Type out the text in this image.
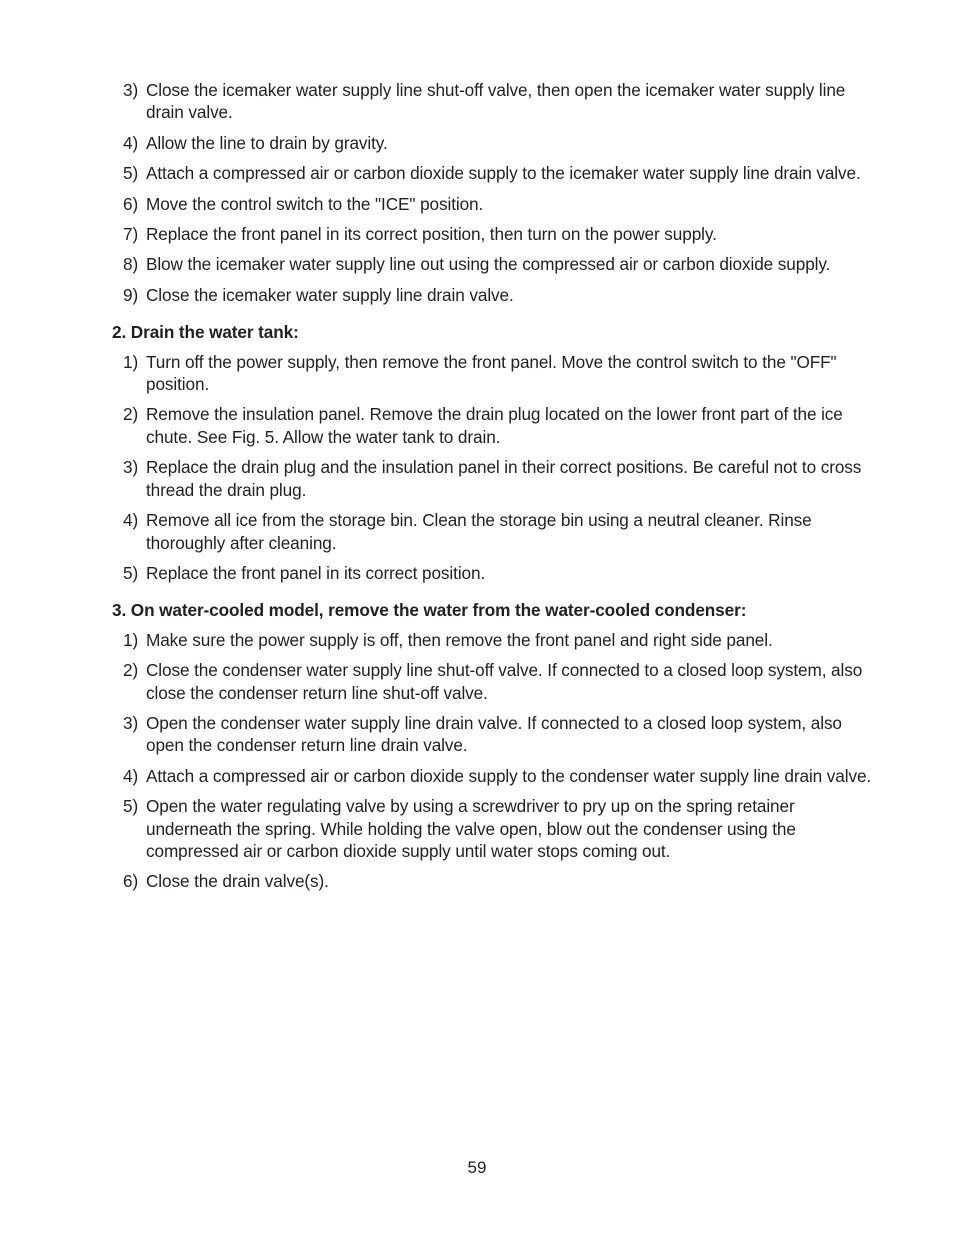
3) Close the icemaker water supply line shut-off valve, then open the icemaker water supply line drain valve.
4) Allow the line to drain by gravity.
5) Attach a compressed air or carbon dioxide supply to the icemaker water supply line drain valve.
6) Move the control switch to the "ICE" position.
7) Replace the front panel in its correct position, then turn on the power supply.
8) Blow the icemaker water supply line out using the compressed air or carbon dioxide supply.
9) Close the icemaker water supply line drain valve.
2. Drain the water tank:
1) Turn off the power supply, then remove the front panel. Move the control switch to the "OFF" position.
2) Remove the insulation panel. Remove the drain plug located on the lower front part of the ice chute. See Fig. 5. Allow the water tank to drain.
3) Replace the drain plug and the insulation panel in their correct positions. Be careful not to cross thread the drain plug.
4) Remove all ice from the storage bin. Clean the storage bin using a neutral cleaner. Rinse thoroughly after cleaning.
5) Replace the front panel in its correct position.
3. On water-cooled model, remove the water from the water-cooled condenser:
1) Make sure the power supply is off, then remove the front panel and right side panel.
2) Close the condenser water supply line shut-off valve. If connected to a closed loop system, also close the condenser return line shut-off valve.
3) Open the condenser water supply line drain valve. If connected to a closed loop system, also open the condenser return line drain valve.
4) Attach a compressed air or carbon dioxide supply to the condenser water supply line drain valve.
5) Open the water regulating valve by using a screwdriver to pry up on the spring retainer underneath the spring. While holding the valve open, blow out the condenser using the compressed air or carbon dioxide supply until water stops coming out.
6) Close the drain valve(s).
59
